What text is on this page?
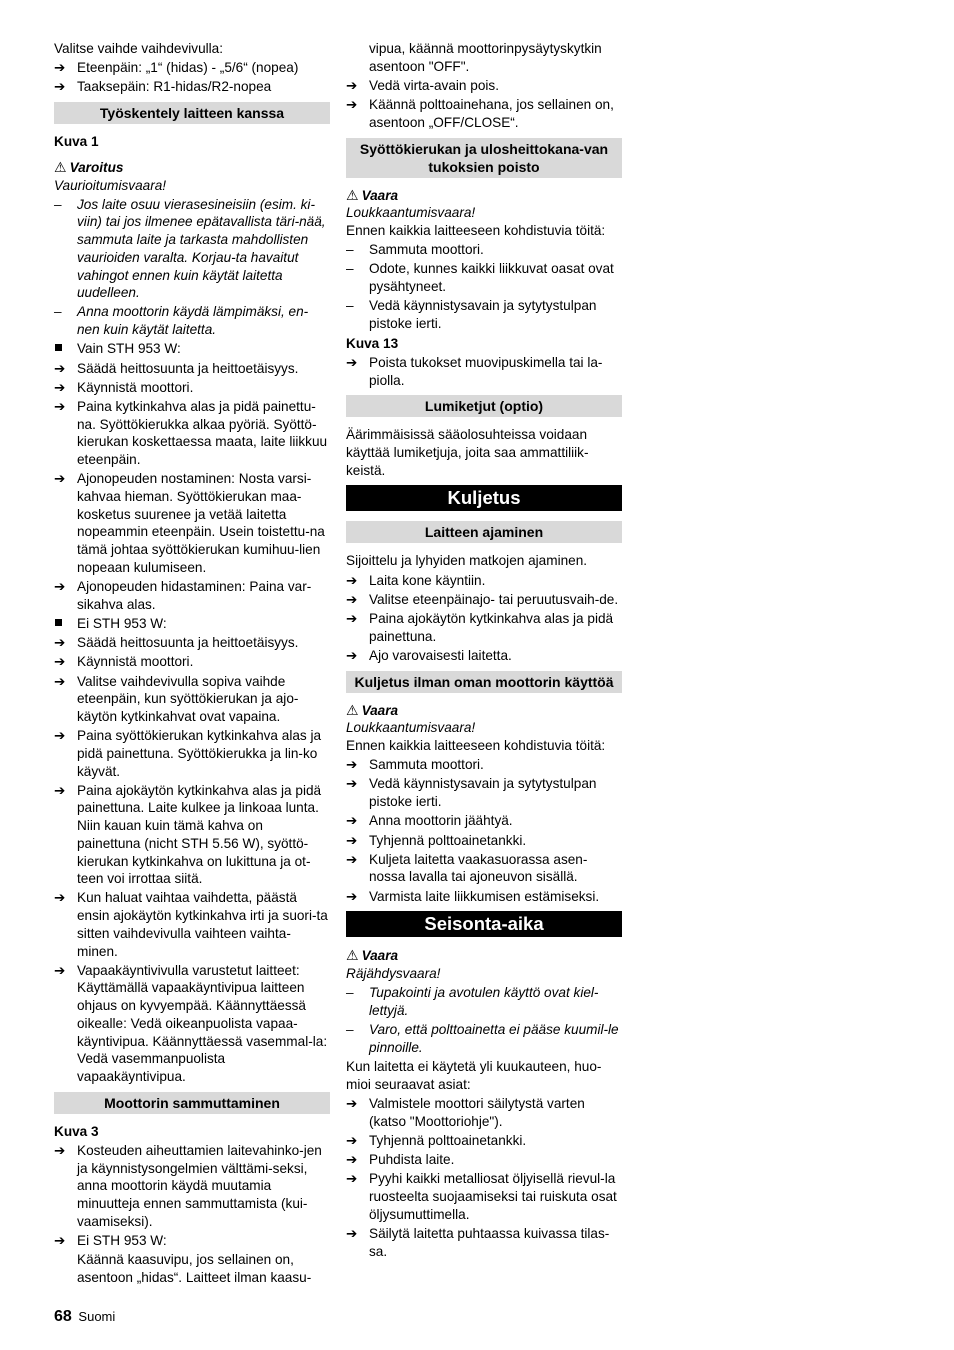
Valitse vaihde vaihdevivulla:
➔ Eteenpäin: „1“ (hidas) - „5/6“ (nopea)
➔ Taaksepäin: R1-hidas/R2-nopea
Työskentely laitteen kanssa
Kuva 1
⚠ Varoitus
Vaurioitumisvaara!
–	Jos laite osuu vierasesineisiin (esim. ki-viin) tai jos ilmenee epätavallista täri-nää, sammuta laite ja tarkasta mahdollisten vaurioiden varalta. Korjau-ta havaitut vahingot ennen kuin käytät laitetta uudelleen.
–	Anna moottorin käydä lämpimäksi, en-nen kuin käytät laitetta.
Vain STH 953 W:
➔ Säädä heittosuunta ja heittoetäisyys.
➔ Käynnistä moottori.
➔ Paina kytkinkahva alas ja pidä painettu-na. Syöttökierukka alkaa pyöriä. Syöttö-kierukan koskettaessa maata, laite liikkuu eteenpäin.
➔ Ajonopeuden nostaminen: Nosta varsi-kahvaa hieman. Syöttökierukan maa-kosketus suurenee ja vetää laitetta nopeammin eteenpäin. Usein toistettu-na tämä johtaa syöttökierukan kumihuu-lien nopeaan kulumiseen.
➔ Ajonopeuden hidastaminen: Paina var-sikahva alas.
Ei STH 953 W:
➔ Säädä heittosuunta ja heittoetäisyys.
➔ Käynnistä moottori.
➔ Valitse vaihdevivulla sopiva vaihde eteenpäin, kun syöttökierukan ja ajo-käytön kytkinkahvat ovat vapaina.
➔ Paina syöttökierukan kytkinkahva alas ja pidä painettuna. Syöttökierukka ja lin-ko käyvät.
➔ Paina ajokäytön kytkinkahva alas ja pidä painettuna. Laite kulkee ja linkoaa lunta. Niin kauan kuin tämä kahva on painettuna (nicht STH 5.56 W), syöttö-kierukan kytkinkahva on lukittuna ja ot-teen voi irrottaa siitä.
➔ Kun haluat vaihtaa vaihdetta, päästä ensin ajokäytön kytkinkahva irti ja suori-ta sitten vaihdevivulla vaihteen vaihta-minen.
➔ Vapaakäyntivivulla varustetut laitteet: Käyttämällä vapaakäyntivipua laitteen ohjaus on kyvyempää. Käännyttäessä oikealle: Vedä oikeanpuolista vapaa-käyntivipua. Käännyttäessä vasemmal-la: Vedä vasemmanpuolista vapaakäyntivipua.
Moottorin sammuttaminen
Kuva 3
➔ Kosteuden aiheuttamien laitevahinko-jen ja käynnistysongelmien välttämi-seksi, anna moottorin käydä muutamia minuutteja ennen sammuttamista (kui-vaamiseksi).
➔ Ei STH 953 W:
Käännä kaasuvipu, jos sellainen on, asentoon „hidas“. Laitteet ilman kaasu-
vipua, käännä moottorinpysäytyskytkin asentoon "OFF".
➔ Vedä virta-avain pois.
➔ Käännä polttoainehana, jos sellainen on, asentoon „OFF/CLOSE“.
Syöttökierukan ja ulosheittokana-van tukoksien poisto
⚠ Vaara
Loukkaantumisvaara!
Ennen kaikkia laitteeseen kohdistuvia töitä:
–	Sammuta moottori.
–	Odote, kunnes kaikki liikkuvat oasat ovat pysähtyneet.
–	Vedä käynnistysavain ja sytytystulpan pistoke ierti.
Kuva 13
➔ Poista tukokset muovipuskimella tai la-piolla.
Lumiketjut (optio)
Äärimmäisissä sääolosuhteissa voidaan käyttää lumiketjuja, joita saa ammattiliik-keistä.
Kuljetus
Laitteen ajaminen
Sijoittelu ja lyhyiden matkojen ajaminen.
➔ Laita kone käyntiin.
➔ Valitse eteenpäinajo- tai peruutusvaih-de.
➔ Paina ajokäytön kytkinkahva alas ja pidä painettuna.
➔ Ajo varovaisesti laitetta.
Kuljetus ilman oman moottorin käyttöä
⚠ Vaara
Loukkaantumisvaara!
Ennen kaikkia laitteeseen kohdistuvia töitä:
➔ Sammuta moottori.
➔ Vedä käynnistysavain ja sytytystulpan pistoke ierti.
➔ Anna moottorin jäähtyä.
➔ Tyhjennä polttoainetankki.
➔ Kuljeta laitetta vaakasuorassa asen-nossa lavalla tai ajoneuvon sisällä.
➔ Varmista laite liikkumisen estämiseksi.
Seisonta-aika
⚠ Vaara
Räjähdysvaara!
–	Tupakointi ja avotulen käyttö ovat kiel-lettyjä.
–	Varo, että polttoainetta ei pääse kuumil-le pinnoille.
Kun laitetta ei käytetä yli kuukauteen, huo-mioi seuraavat asiat:
➔ Valmistele moottori säilytystä varten (katso "Moottoriohje").
➔ Tyhjennä polttoainetankki.
➔ Puhdista laite.
➔ Pyyhi kaikki metalliosat öljyisellä rievul-la ruosteelta suojaamiseksi tai ruiskuta osat öljysumuttimella.
➔ Säilytä laitetta puhtaassa kuivassa tilas-sa.
68 Suomi
